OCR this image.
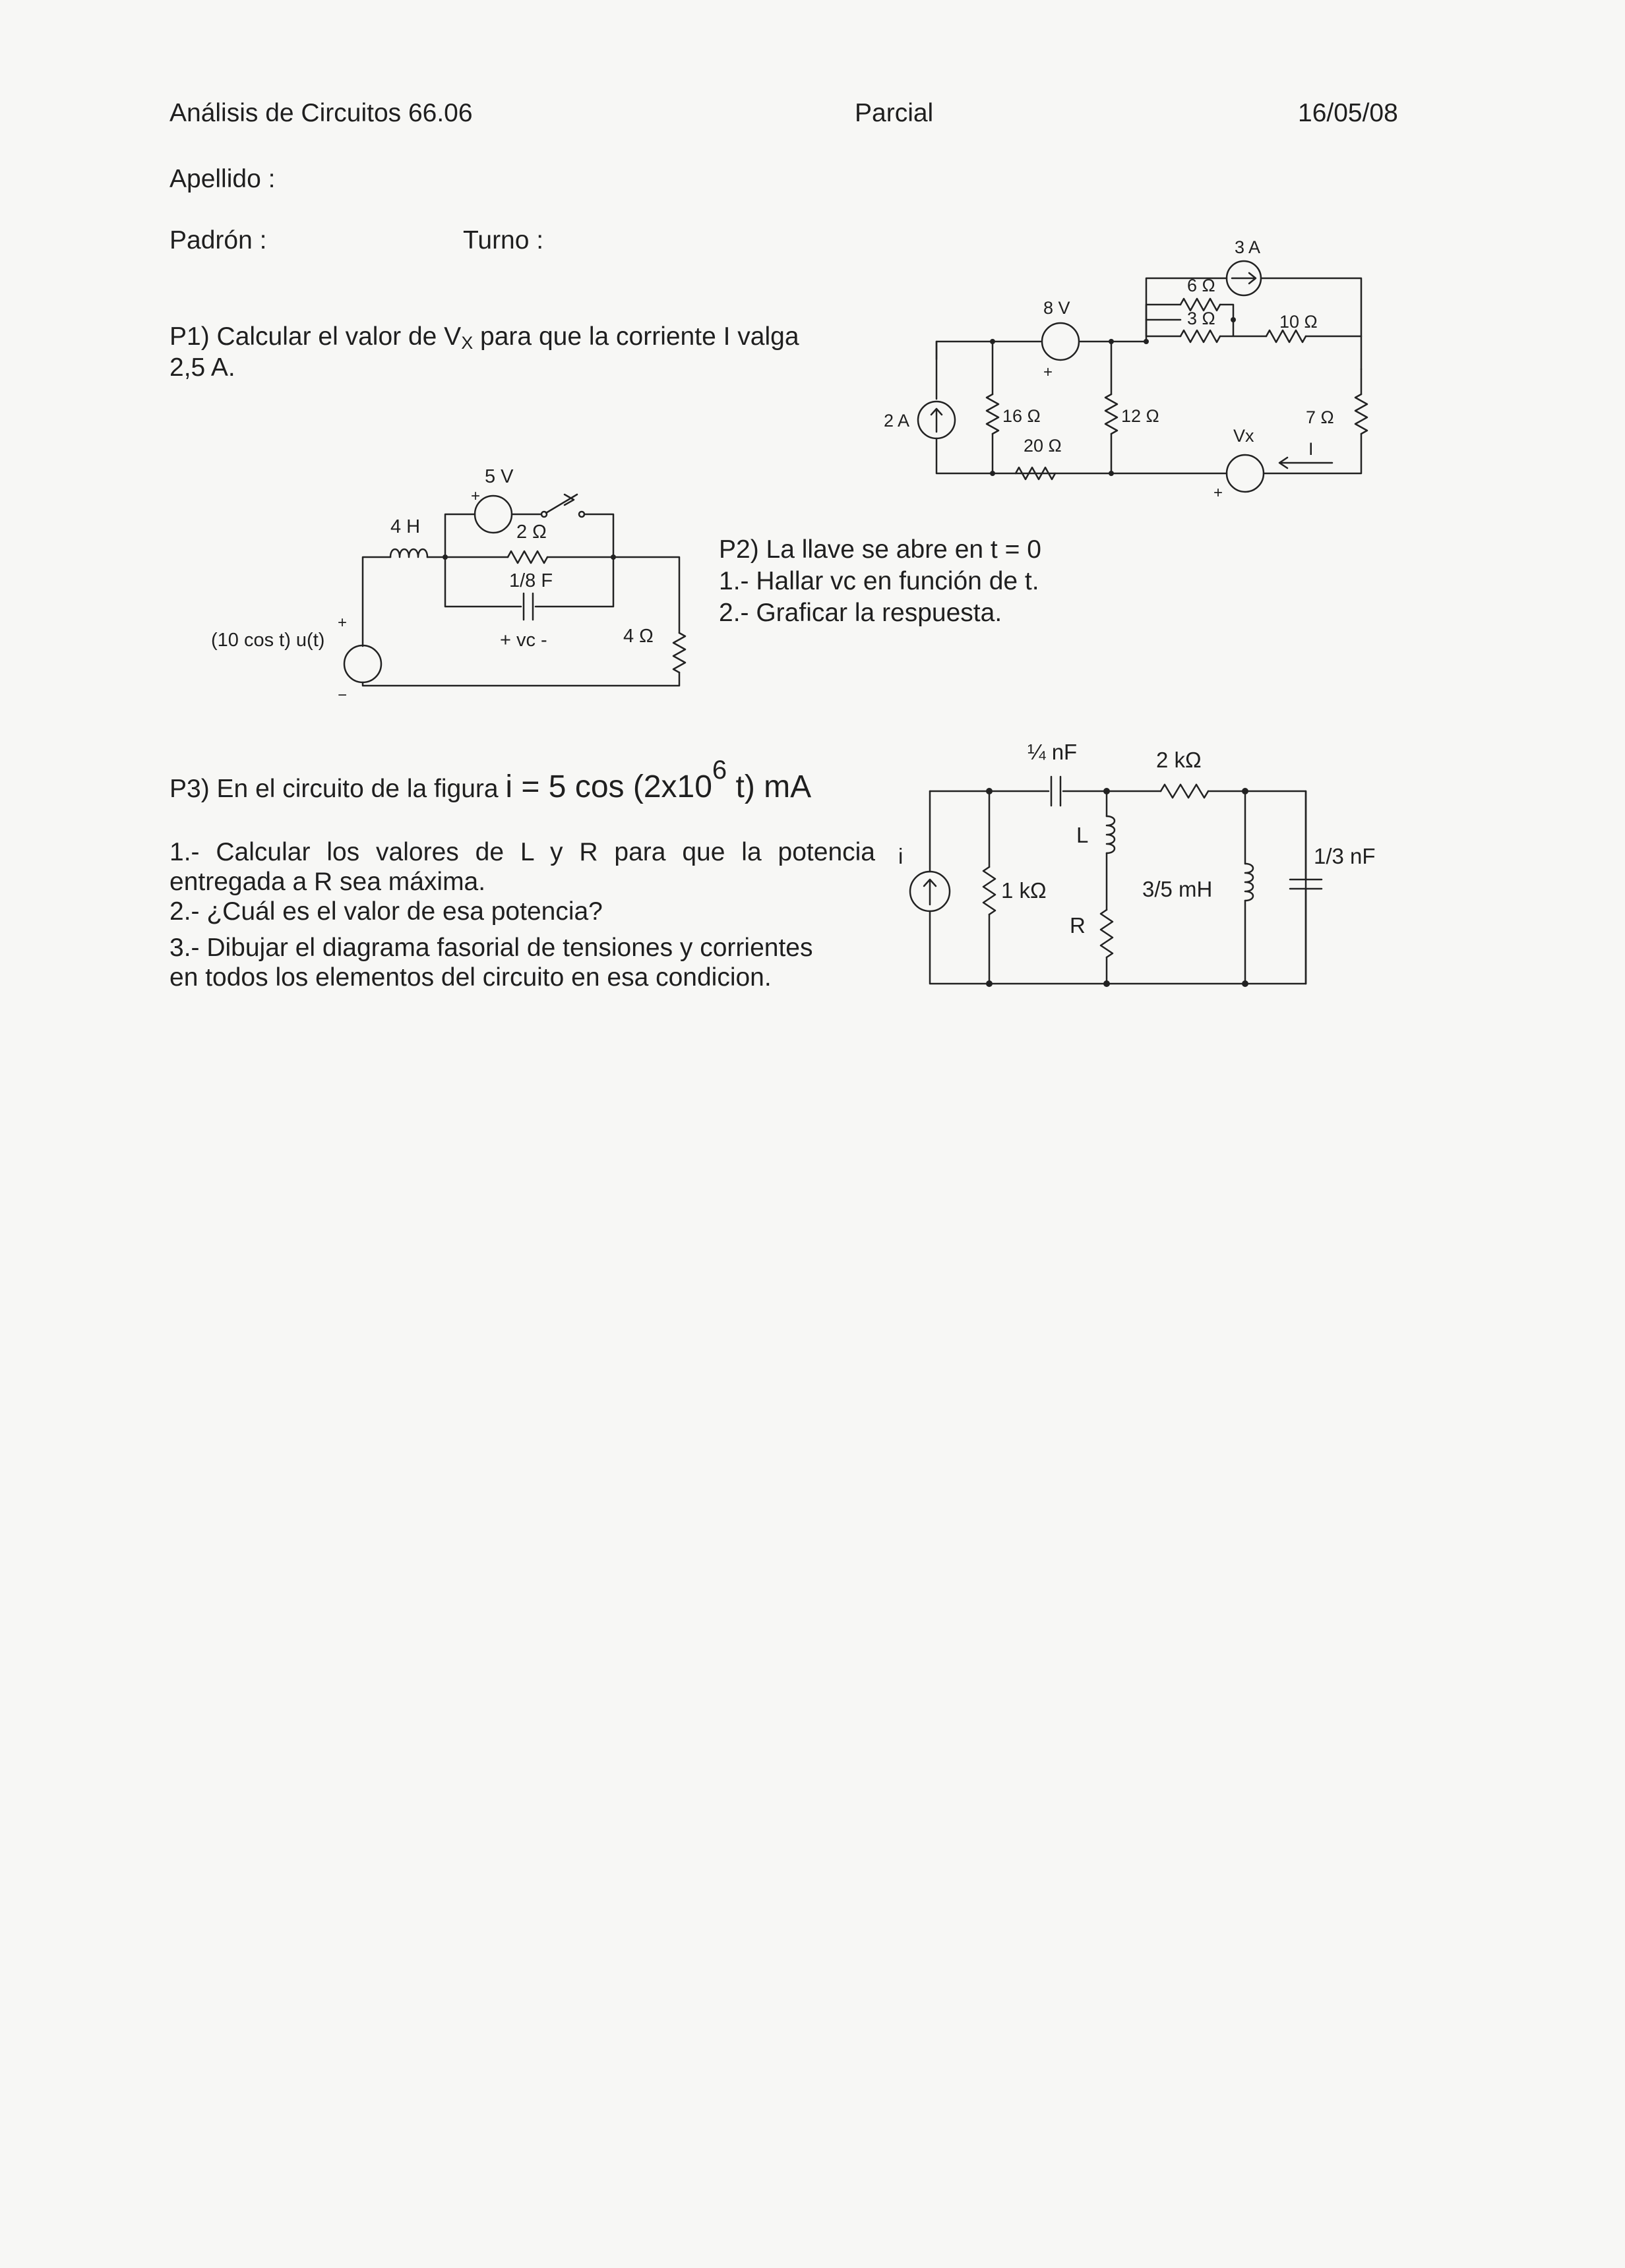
Análisis de Circuitos 66.06	Parcial	16/05/08
Apellido :
Padrón :	Turno :
P1) Calcular el valor de VX para que la corriente I valga
2,5 A.
3 A
6 Ω
3 Ω	10 Ω
8 V
+
2 A	16 Ω
20 Ω
12 Ω
Vx
+
7 Ω
I
5 V
+
4 H	2 Ω
1/8 F
+ vc -	4 Ω
+
−
(10 cos t) u(t)
P2) La llave se abre en t = 0
1.- Hallar vc en función de t.
2.- Graficar la respuesta.
P3) En el circuito de la figura i = 5 cos (2x106 t) mA
1.- Calcular los valores de L y R para que la potencia
entregada a R sea máxima.
2.- ¿Cuál es el valor de esa potencia?
3.- Dibujar el diagrama fasorial de tensiones y corrientes
en todos los elementos del circuito en esa condicion.
¼ nF	2 kΩ
i
1 kΩ
L
R
3/5 mH
1/3 nF
